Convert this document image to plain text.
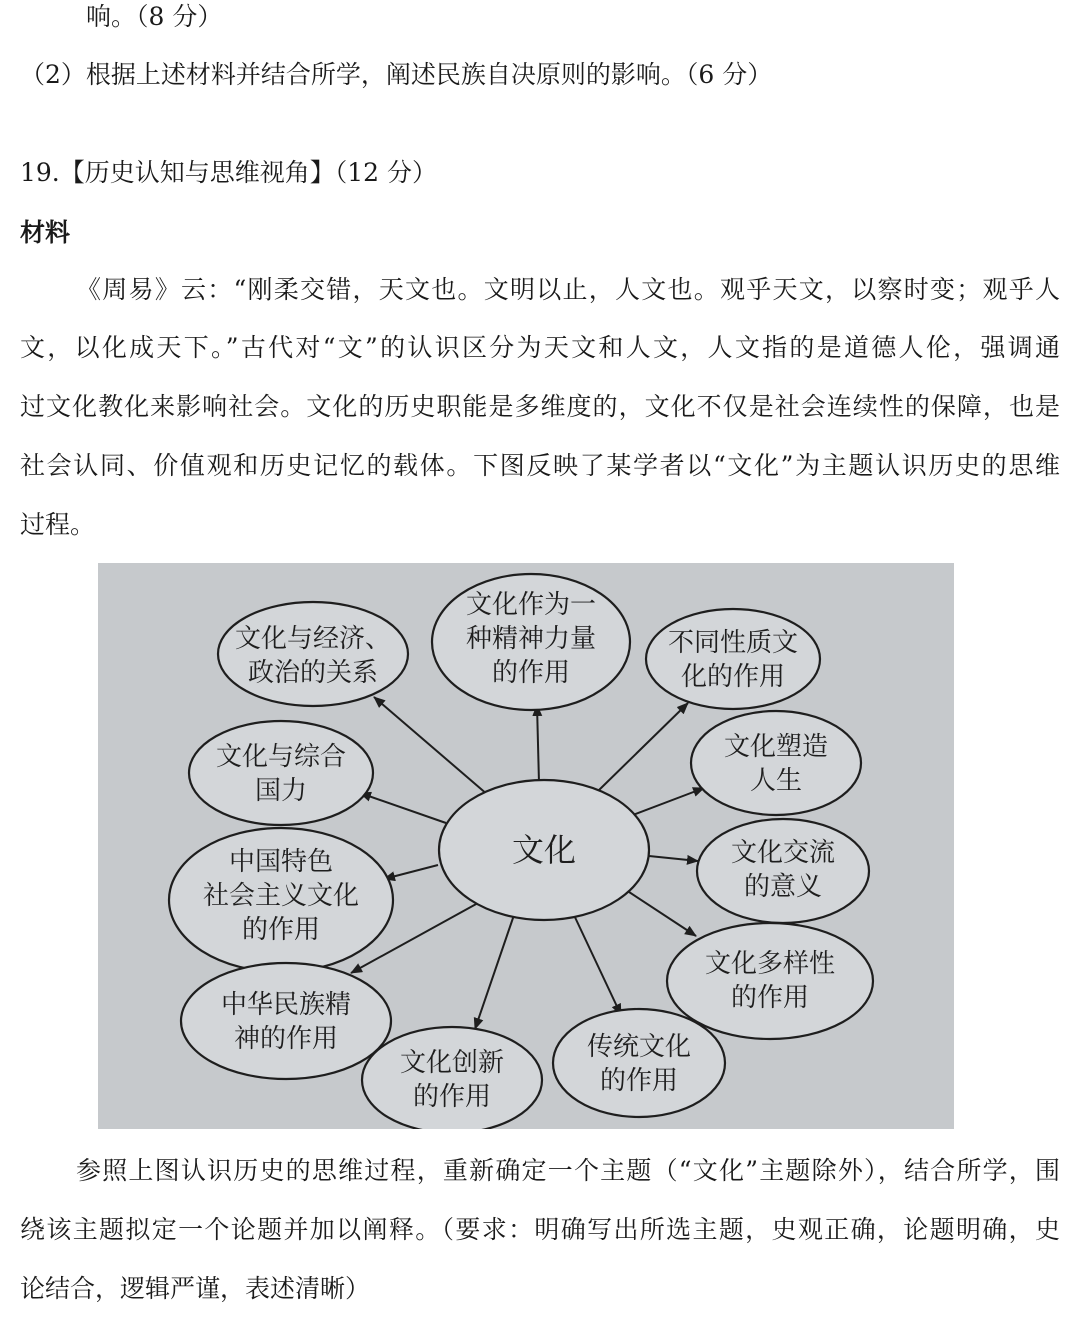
响。（8 分）
（2）根据上述材料并结合所学，阐述民族自决原则的影响。（6 分）
19.【历史认知与思维视角】（12 分）
材料
《周易》云：“刚柔交错，天文也。文明以止，人文也。观乎天文，以察时变；观乎人
文，以化成天下。”古代对“文”的认识区分为天文和人文，人文指的是道德人伦，强调通
过文化教化来影响社会。文化的历史职能是多维度的，文化不仅是社会连续性的保障，也是
社会认同、价值观和历史记忆的载体。下图反映了某学者以“文化”为主题认识历史的思维
过程。
文化
文化与经济、
政治的关系
文化作为一
种精神力量
的作用
不同性质文
化的作用
文化与综合
国力
文化塑造
人生
中国特色
社会主义文化
的作用
文化交流
的意义
文化多样性
的作用
中华民族精
神的作用
文化创新
的作用
传统文化
的作用
参照上图认识历史的思维过程，重新确定一个主题（“文化”主题除外），结合所学，围
绕该主题拟定一个论题并加以阐释。（要求：明确写出所选主题，史观正确，论题明确，史
论结合，逻辑严谨，表述清晰）
